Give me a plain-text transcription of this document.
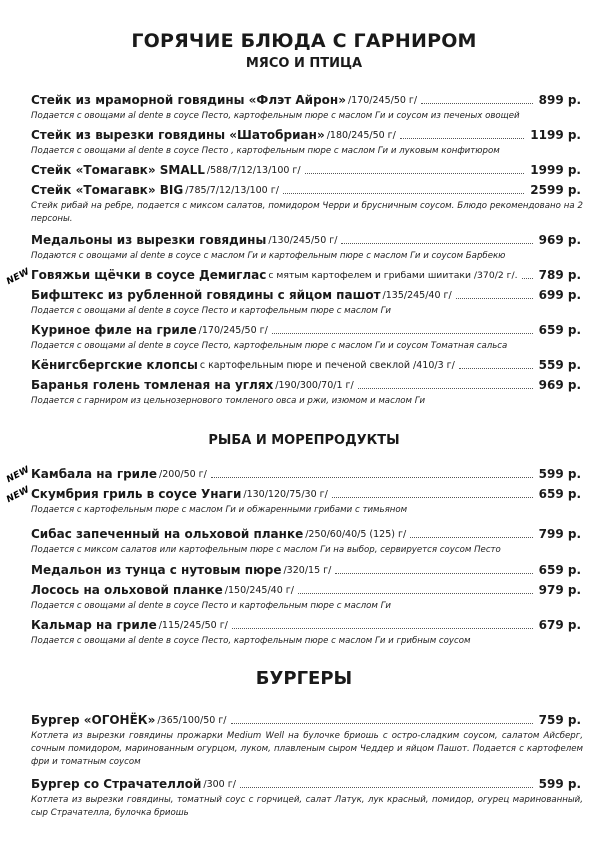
ГОРЯЧИЕ БЛЮДА С ГАРНИРОМ
МЯСО И ПТИЦА
Стейк из мраморной говядины «Флэт Айрон» /170/245/50 г/	899 р.
Подается с овощами al dente в соусе Песто, картофельным пюре с маслом Ги и соусом из печеных овощей
Стейк из вырезки говядины «Шатобриан» /180/245/50 г/	1199 р.
Подается с овощами al dente в соусе Песто , картофельным пюре с маслом Ги и луковым конфитюром
Стейк «Томагавк» SMALL /588/7/12/13/100 г/	1999 р.
Стейк «Томагавк» BIG /785/7/12/13/100 г/	2599 р.
Стейк рибай на ребре, подается с миксом салатов, помидором Черри и брусничным соусом. Блюдо рекомендовано на 2 персоны.
Медальоны из вырезки говядины /130/245/50 г/	969 р.
Подаются с овощами al dente в соусе с маслом Ги и картофельным пюре с маслом Ги и соусом Барбекю
NEW Говяжьи щёчки в соусе Демиглас с мятым картофелем и грибами шиитаки /370/2 г/. 789 р.
Бифштекс из рубленной говядины с яйцом пашот /135/245/40 г/	699 р.
Подается с овощами al dente в соусе Песто и картофельным пюре с маслом Ги
Куриное филе на гриле /170/245/50 г/	659 р.
Подается с овощами al dente в соусе Песто, картофельным пюре с маслом Ги и соусом Томатная сальса
Кёнигсбергские клопсы с картофельным пюре и печеной свеклой /410/3 г/	559 р.
Баранья голень томленая на углях /190/300/70/1 г/	969 р.
Подается с гарниром из цельнозернового томленого овса и ржи, изюмом и маслом Ги
РЫБА И МОРЕПРОДУКТЫ
NEW Камбала на гриле /200/50 г/	599 р.
NEW Скумбрия гриль в соусе Унаги /130/120/75/30 г/	659 р.
Подается с картофельным пюре с маслом Ги и обжаренными грибами с тимьяном
Сибас запеченный на ольховой планке /250/60/40/5 (125) г/	799 р.
Подается с миксом салатов или картофельным пюре с маслом Ги на выбор, сервируется соусом Песто
Медальон из тунца с нутовым пюре /320/15 г/	659 р.
Лосось на ольховой планке /150/245/40 г/	979 р.
Подается с овощами al dente в соусе Песто и картофельным пюре с маслом Ги
Кальмар на гриле /115/245/50 г/	679 р.
Подается с овощами al dente в соусе Песто, картофельным пюре с маслом Ги и грибным соусом
БУРГЕРЫ
Бургер «ОГОНЁК» /365/100/50 г/	759 р.
Котлета из вырезки говядины прожарки Medium Well на булочке бриошь с остро-сладким соусом, салатом Айсберг, сочным помидором, маринованным огурцом, луком, плавленым сыром Чеддер и яйцом Пашот. Подается с картофелем фри и томатным соусом
Бургер со Страчателлой /300 г/	599 р.
Котлета из вырезки говядины, томатный соус с горчицей, салат Латук, лук красный, помидор, огурец маринованный, сыр Страчателла, булочка бриошь
